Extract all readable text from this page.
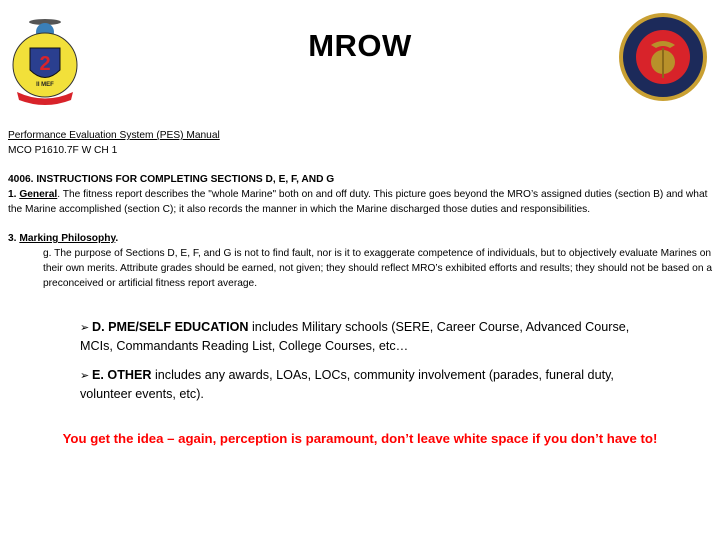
2
II MEF
MROW
Performance Evaluation System (PES) Manual
MCO P1610.7F W CH 1
4006. INSTRUCTIONS FOR COMPLETING SECTIONS D, E, F, AND G
1. General. The fitness report describes the "whole Marine" both on and off duty. This picture goes beyond the MRO’s assigned duties (section B) and what the Marine accomplished (section C); it also records the manner in which the Marine discharged those duties and responsibilities.
3. Marking Philosophy.
g. The purpose of Sections D, E, F, and G is not to find fault, nor is it to exaggerate competence of individuals, but to objectively evaluate Marines on their own merits. Attribute grades should be earned, not given; they should reflect MRO’s exhibited efforts and results; they should not be based on a preconceived or artificial fitness report average.
➢ D. PME/SELF EDUCATION includes Military schools (SERE, Career Course, Advanced Course, MCIs, Commandants Reading List, College Courses, etc…
➢ E. OTHER includes any awards, LOAs, LOCs, community involvement (parades, funeral duty, volunteer events, etc).
You get the idea – again, perception is paramount, don’t leave white space if you don’t have to!
